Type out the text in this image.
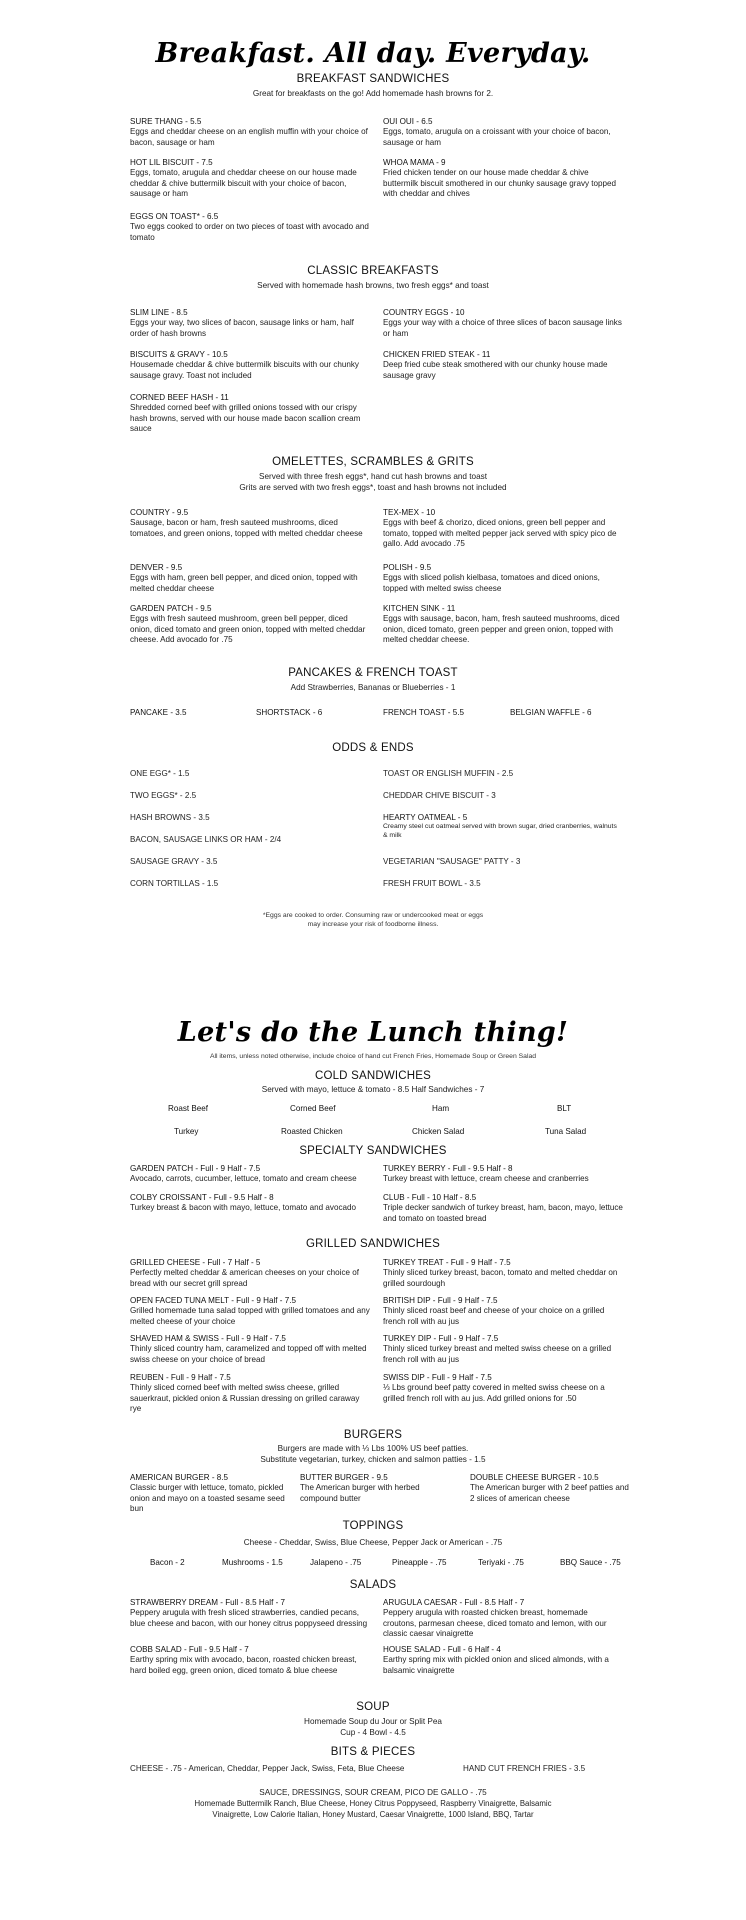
Breakfast. All day. Everyday.
BREAKFAST SANDWICHES
Great for breakfasts on the go! Add homemade hash browns for 2.
SURE THANG - 5.5
Eggs and cheddar cheese on an english muffin with your choice of bacon, sausage or ham
OUI OUI - 6.5
Eggs, tomato, arugula on a croissant with your choice of bacon, sausage or ham
HOT LIL BISCUIT - 7.5
Eggs, tomato, arugula and cheddar cheese on our house made cheddar & chive buttermilk biscuit with your choice of bacon, sausage or ham
WHOA MAMA - 9
Fried chicken tender on our house made cheddar & chive buttermilk biscuit smothered in our chunky sausage gravy topped with cheddar and chives
EGGS ON TOAST* - 6.5
Two eggs cooked to order on two pieces of toast with avocado and tomato
CLASSIC BREAKFASTS
Served with homemade hash browns, two fresh eggs* and toast
SLIM LINE - 8.5
Eggs your way, two slices of bacon, sausage links or ham, half order of hash browns
COUNTRY EGGS - 10
Eggs your way with a choice of three slices of bacon sausage links or ham
BISCUITS & GRAVY - 10.5
Housemade cheddar & chive buttermilk biscuits with our chunky sausage gravy. Toast not included
CHICKEN FRIED STEAK - 11
Deep fried cube steak smothered with our chunky house made sausage gravy
CORNED BEEF HASH - 11
Shredded corned beef with grilled onions tossed with our crispy hash browns, served with our house made bacon scallion cream sauce
OMELETTES, SCRAMBLES & GRITS
Served with three fresh eggs*, hand cut hash browns and toast
Grits are served with two fresh eggs*, toast and hash browns not included
COUNTRY - 9.5
Sausage, bacon or ham, fresh sauteed mushrooms, diced tomatoes, and green onions, topped with melted cheddar cheese
TEX-MEX - 10
Eggs with beef & chorizo, diced onions, green bell pepper and tomato, topped with melted pepper jack served with spicy pico de gallo. Add avocado .75
DENVER - 9.5
Eggs with ham, green bell pepper, and diced onion, topped with melted cheddar cheese
POLISH - 9.5
Eggs with sliced polish kielbasa, tomatoes and diced onions, topped with melted swiss cheese
GARDEN PATCH - 9.5
Eggs with fresh sauteed mushroom, green bell pepper, diced onion, diced tomato and green onion, topped with melted cheddar cheese. Add avocado for .75
KITCHEN SINK - 11
Eggs with sausage, bacon, ham, fresh sauteed mushrooms, diced onion, diced tomato, green pepper and green onion, topped with melted cheddar cheese.
PANCAKES & FRENCH TOAST
Add Strawberries, Bananas or Blueberries - 1
PANCAKE - 3.5	SHORTSTACK - 6	FRENCH TOAST - 5.5	BELGIAN WAFFLE - 6
ODDS & ENDS
ONE EGG* - 1.5
TWO EGGS* - 2.5
HASH BROWNS - 3.5
BACON, SAUSAGE LINKS OR HAM - 2/4
SAUSAGE GRAVY - 3.5
CORN TORTILLAS - 1.5
TOAST OR ENGLISH MUFFIN - 2.5
CHEDDAR CHIVE BISCUIT - 3
HEARTY OATMEAL - 5
Creamy steel cut oatmeal served with brown sugar, dried cranberries, walnuts & milk
VEGETARIAN "SAUSAGE" PATTY - 3
FRESH FRUIT BOWL - 3.5
*Eggs are cooked to order. Consuming raw or undercooked meat or eggs
may increase your risk of foodborne illness.
Let's do the Lunch thing!
All items, unless noted otherwise, include choice of hand cut French Fries, Homemade Soup or Green Salad
COLD SANDWICHES
Served with mayo, lettuce & tomato - 8.5 Half Sandwiches - 7
Roast Beef	Corned Beef	Ham	BLT
Turkey	Roasted Chicken	Chicken Salad	Tuna Salad
SPECIALTY SANDWICHES
GARDEN PATCH - Full - 9 Half - 7.5
Avocado, carrots, cucumber, lettuce, tomato and cream cheese
TURKEY BERRY - Full - 9.5 Half - 8
Turkey breast with lettuce, cream cheese and cranberries
COLBY CROISSANT - Full - 9.5 Half - 8
Turkey breast & bacon with mayo, lettuce, tomato and avocado
CLUB - Full - 10 Half - 8.5
Triple decker sandwich of turkey breast, ham, bacon, mayo, lettuce and tomato on toasted bread
GRILLED SANDWICHES
GRILLED CHEESE - Full - 7 Half - 5
Perfectly melted cheddar & american cheeses on your choice of bread with our secret grill spread
TURKEY TREAT - Full - 9 Half - 7.5
Thinly sliced turkey breast, bacon, tomato and melted cheddar on grilled sourdough
OPEN FACED TUNA MELT - Full - 9 Half - 7.5
Grilled homemade tuna salad topped with grilled tomatoes and any melted cheese of your choice
BRITISH DIP - Full - 9 Half - 7.5
Thinly sliced roast beef and cheese of your choice on a grilled french roll with au jus
SHAVED HAM & SWISS - Full - 9 Half - 7.5
Thinly sliced country ham, caramelized and topped off with melted swiss cheese on your choice of bread
TURKEY DIP - Full - 9 Half - 7.5
Thinly sliced turkey breast and melted swiss cheese on a grilled french roll with au jus
REUBEN - Full - 9 Half - 7.5
Thinly sliced corned beef with melted swiss cheese, grilled sauerkraut, pickled onion & Russian dressing on grilled caraway rye
SWISS DIP - Full - 9 Half - 7.5
⅓ Lbs ground beef patty covered in melted swiss cheese on a grilled french roll with au jus. Add grilled onions for .50
BURGERS
Burgers are made with ⅓ Lbs 100% US beef patties.
Substitute vegetarian, turkey, chicken and salmon patties - 1.5
AMERICAN BURGER - 8.5
Classic burger with lettuce, tomato, pickled onion and mayo on a toasted sesame seed bun
BUTTER BURGER - 9.5
The American burger with herbed compound butter
DOUBLE CHEESE BURGER - 10.5
The American burger with 2 beef patties and 2 slices of american cheese
TOPPINGS
Cheese - Cheddar, Swiss, Blue Cheese, Pepper Jack or American - .75
Bacon - 2	Mushrooms - 1.5	Jalapeno - .75	Pineapple - .75	Teriyaki - .75	BBQ Sauce - .75
SALADS
STRAWBERRY DREAM - Full - 8.5 Half - 7
Peppery arugula with fresh sliced strawberries, candied pecans, blue cheese and bacon, with our honey citrus poppyseed dressing
ARUGULA CAESAR - Full - 8.5 Half - 7
Peppery arugula with roasted chicken breast, homemade croutons, parmesan cheese, diced tomato and lemon, with our classic caesar vinaigrette
COBB SALAD - Full - 9.5 Half - 7
Earthy spring mix with avocado, bacon, roasted chicken breast, hard boiled egg, green onion, diced tomato & blue cheese
HOUSE SALAD - Full - 6 Half - 4
Earthy spring mix with pickled onion and sliced almonds, with a balsamic vinaigrette
SOUP
Homemade Soup du Jour or Split Pea
Cup - 4 Bowl - 4.5
BITS & PIECES
CHEESE - .75 - American, Cheddar, Pepper Jack, Swiss, Feta, Blue Cheese	HAND CUT FRENCH FRIES - 3.5
SAUCE, DRESSINGS, SOUR CREAM, PICO DE GALLO - .75
Homemade Buttermilk Ranch, Blue Cheese, Honey Citrus Poppyseed, Raspberry Vinaigrette, Balsamic
Vinaigrette, Low Calorie Italian, Honey Mustard, Caesar Vinaigrette, 1000 Island, BBQ, Tartar
